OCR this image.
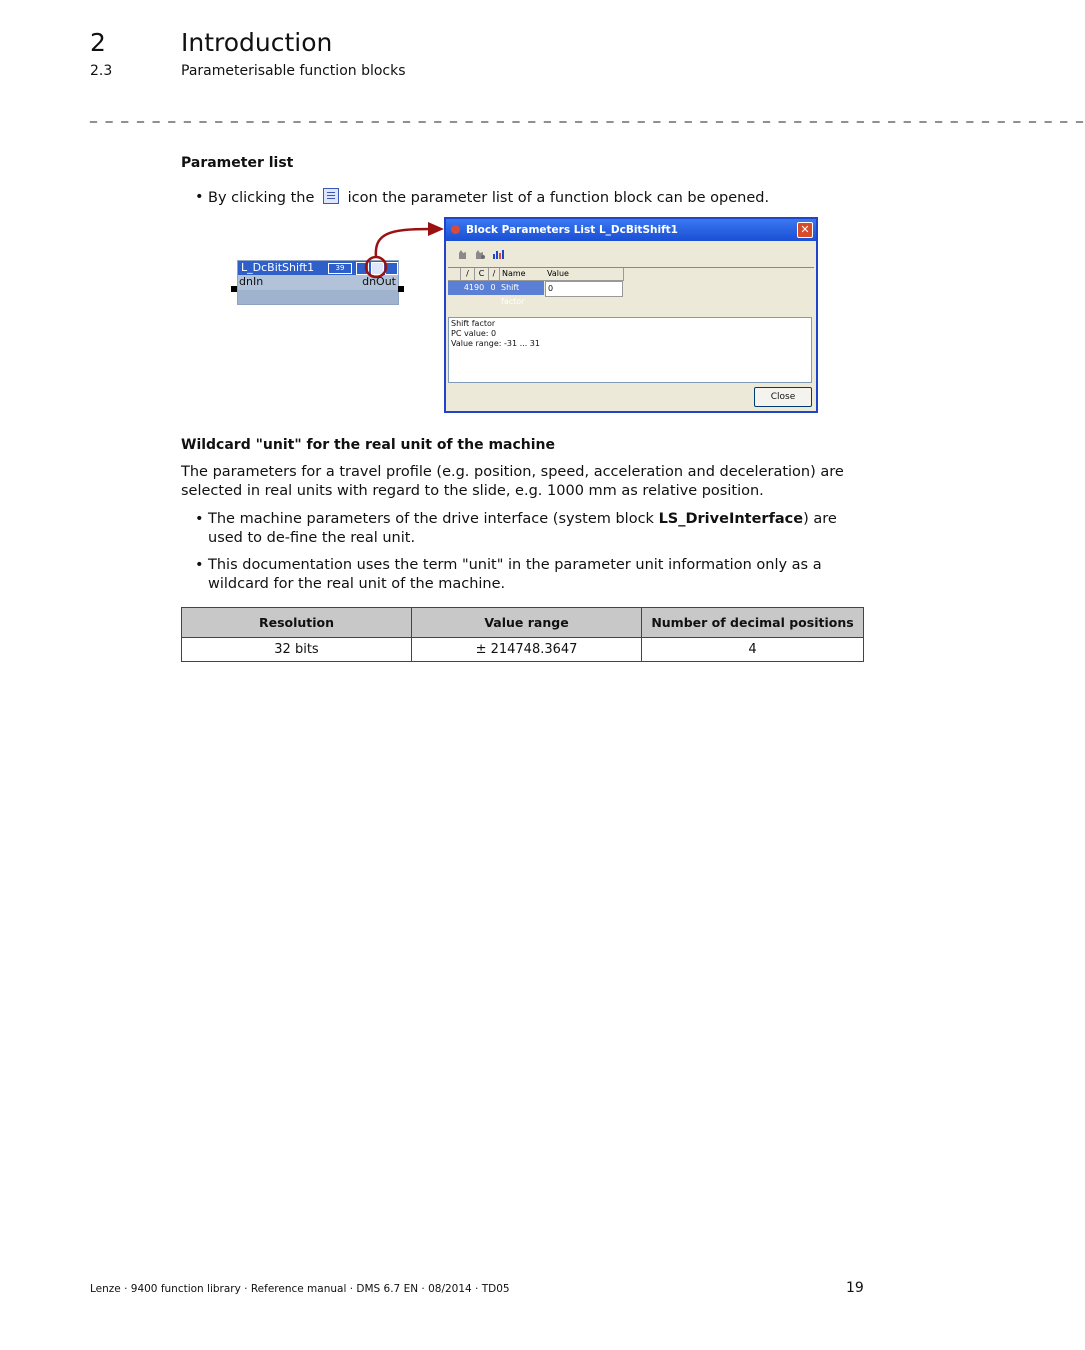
2	Introduction
2.3	Parameterisable function blocks
_ _ _ _ _ _ _ _ _ _ _ _ _ _ _ _ _ _ _ _ _ _ _ _ _ _ _ _ _ _ _ _ _ _ _ _ _ _ _ _ _ _ _ _ _ _ _ _ _ _ _ _ _ _ _ _ _ _ _ _ _ _ _ _
Parameter list
• By clicking the icon the parameter list of a function block can be opened.
L_DcBitShift1	39
dnIn	dnOut
Block Parameters List L_DcBitShift1	✕
/	C	/ Name	Value
4190 0 Shift factor
0
Shift factor
PC value: 0
Value range: -31 ... 31
Close
Wildcard "unit" for the real unit of the machine
The parameters for a travel profile (e.g. position, speed, acceleration and deceleration) are selected in real units with regard to the slide, e.g. 1000 mm as relative position.
• The machine parameters of the drive interface (system block LS_DriveInterface) are used to de-fine the real unit.
• This documentation uses the term "unit" in the parameter unit information only as a wildcard for the real unit of the machine.
Resolution	Value range	Number of decimal positions
32 bits	± 214748.3647	4
Lenze · 9400 function library · Reference manual · DMS 6.7 EN · 08/2014 · TD05	19
